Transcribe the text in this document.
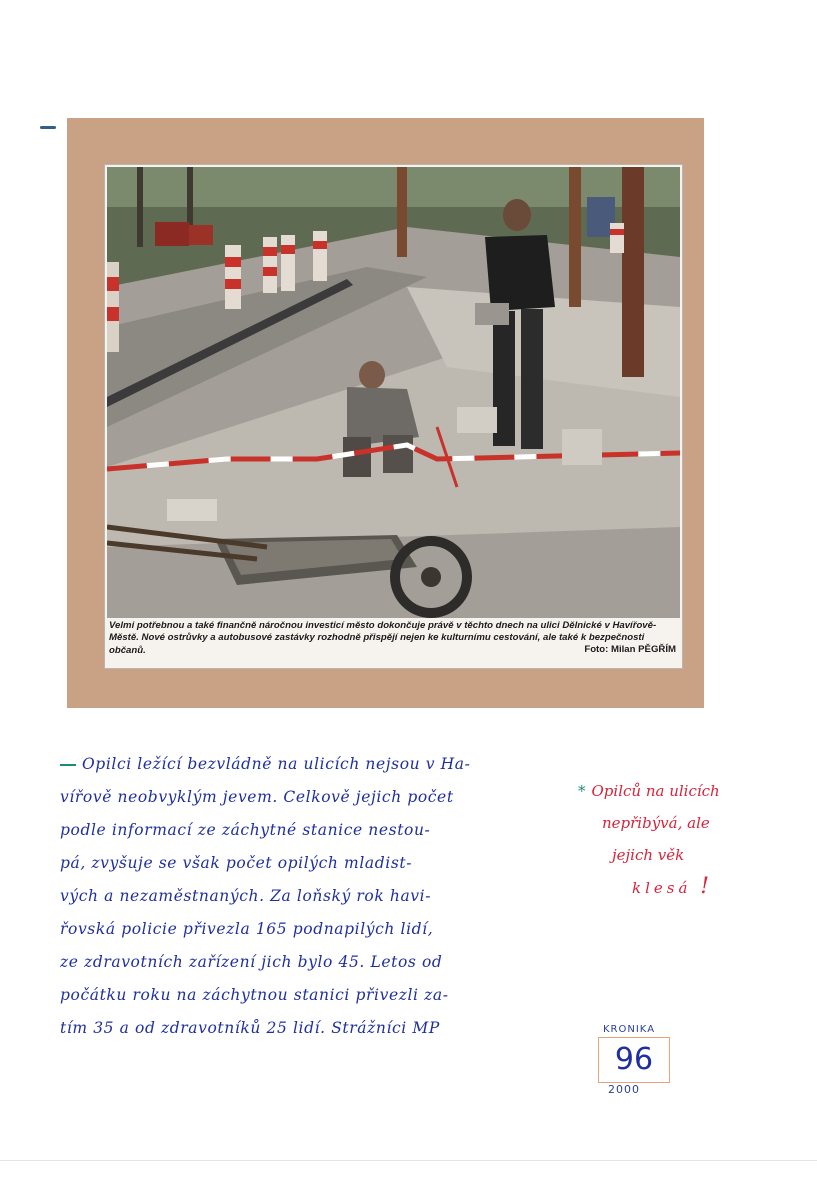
Velmi potřebnou a také finančně náročnou investicí město dokončuje právě v těchto dnech na ulici Dělnické v Havířově-Městě. Nové ostrůvky a autobusové zastávky rozhodně přispějí nejen ke kulturnímu cestování, ale také k bezpečnosti občanů.	Foto: Milan PĚGŘÍM
Opilci ležící bezvládně na ulicích nejsou v Ha-
vířově neobvyklým jevem. Celkově jejich počet
podle informací ze záchytné stanice nestou-
pá, zvyšuje se však počet opilých mladist-
vých a nezaměstnaných. Za loňský rok havi-
řovská policie přivezla 165 podnapilých lidí,
ze zdravotních zařízení jich bylo 45. Letos od
počátku roku na záchytnou stanici přivezli za-
tím 35 a od zdravotníků 25 lidí. Strážníci MP
* Opilců na ulicích
nepřibývá, ale
jejich věk
klesá !
KRONIKA
96
2000
